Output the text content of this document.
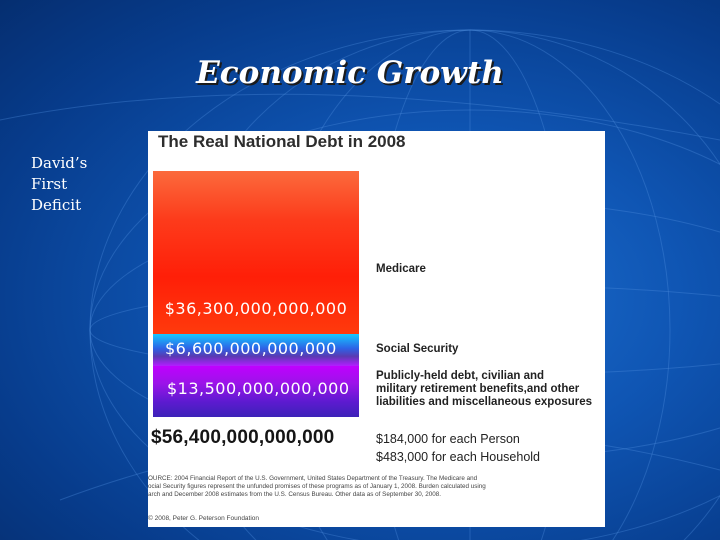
Economic Growth
David’s
First
Deficit
The Real National Debt in 2008
$36,300,000,000,000
$6,600,000,000,000
$13,500,000,000,000
Medicare
Social Security
Publicly-held debt, civilian and
military retirement benefits,and other
liabilities and miscellaneous exposures
$56,400,000,000,000	$184,000 for each Person
$483,000 for each Household
OURCE: 2004 Financial Report of the U.S. Government, United States Department of the Treasury. The Medicare and
ocial Security figures represent the unfunded promises of these programs as of January 1, 2008. Burden calculated using
arch and December 2008 estimates from the U.S. Census Bureau. Other data as of September 30, 2008.
© 2008, Peter G. Peterson Foundation
